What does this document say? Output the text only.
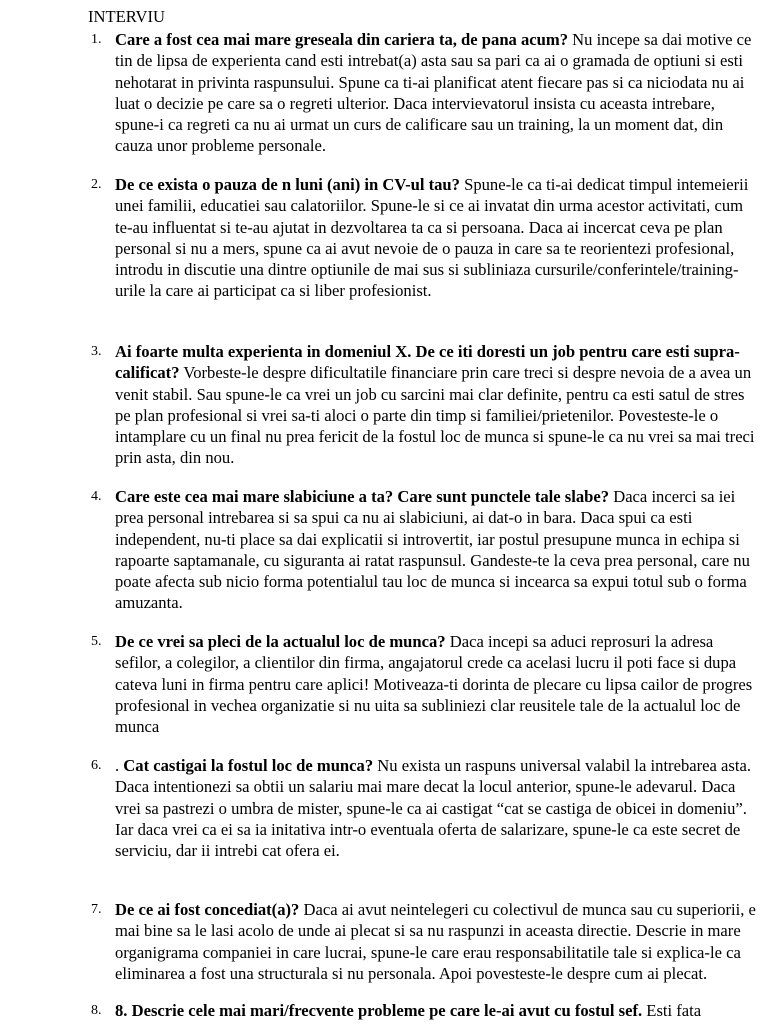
INTERVIU
1. Care a fost cea mai mare greseala din cariera ta, de pana acum? Nu incepe sa dai motive ce tin de lipsa de experienta cand esti intrebat(a) asta sau sa pari ca ai o gramada de optiuni si esti nehotarat in privinta raspunsului. Spune ca ti-ai planificat atent fiecare pas si ca niciodata nu ai luat o decizie pe care sa o regreti ulterior. Daca intervievatorul insista cu aceasta intrebare, spune-i ca regreti ca nu ai urmat un curs de calificare sau un training, la un moment dat, din cauza unor probleme personale.
2. De ce exista o pauza de n luni (ani) in CV-ul tau? Spune-le ca ti-ai dedicat timpul intemeierii unei familii, educatiei sau calatoriilor. Spune-le si ce ai invatat din urma acestor activitati, cum te-au influentat si te-au ajutat in dezvoltarea ta ca si persoana. Daca ai incercat ceva pe plan personal si nu a mers, spune ca ai avut nevoie de o pauza in care sa te reorientezi profesional, introdu in discutie una dintre optiunile de mai sus si subliniaza cursurile/conferintele/training-urile la care ai participat ca si liber profesionist.
3. Ai foarte multa experienta in domeniul X. De ce iti doresti un job pentru care esti supra-calificat? Vorbeste-le despre dificultatile financiare prin care treci si despre nevoia de a avea un venit stabil. Sau spune-le ca vrei un job cu sarcini mai clar definite, pentru ca esti satul de stres pe plan profesional si vrei sa-ti aloci o parte din timp si familiei/prietenilor. Povesteste-le o intamplare cu un final nu prea fericit de la fostul loc de munca si spune-le ca nu vrei sa mai treci prin asta, din nou.
4. Care este cea mai mare slabiciune a ta? Care sunt punctele tale slabe? Daca incerci sa iei prea personal intrebarea si sa spui ca nu ai slabiciuni, ai dat-o in bara. Daca spui ca esti independent, nu-ti place sa dai explicatii si introvertit, iar postul presupune munca in echipa si rapoarte saptamanale, cu siguranta ai ratat raspunsul. Gandeste-te la ceva prea personal, care nu poate afecta sub nicio forma potentialul tau loc de munca si incearca sa expui totul sub o forma amuzanta.
5. De ce vrei sa pleci de la actualul loc de munca? Daca incepi sa aduci reprosuri la adresa sefilor, a colegilor, a clientilor din firma, angajatorul crede ca acelasi lucru il poti face si dupa cateva luni in firma pentru care aplici! Motiveaza-ti dorinta de plecare cu lipsa cailor de progres profesional in vechea organizatie si nu uita sa subliniezi clar reusitele tale de la actualul loc de munca
6. . Cat castigai la fostul loc de munca? Nu exista un raspuns universal valabil la intrebarea asta. Daca intentionezi sa obtii un salariu mai mare decat la locul anterior, spune-le adevarul. Daca vrei sa pastrezi o umbra de mister, spune-le ca ai castigat “cat se castiga de obicei in domeniu”. Iar daca vrei ca ei sa ia initativa intr-o eventuala oferta de salarizare, spune-le ca este secret de serviciu, dar ii intrebi cat ofera ei.
7. De ce ai fost concediat(a)? Daca ai avut neintelegeri cu colectivul de munca sau cu superiorii, e mai bine sa le lasi acolo de unde ai plecat si sa nu raspunzi in aceasta directie. Descrie in mare organigrama companiei in care lucrai, spune-le care erau responsabilitatile tale si explica-le ca eliminarea a fost una structurala si nu personala. Apoi povesteste-le despre cum ai plecat.
8. 8. Descrie cele mai mari/frecvente probleme pe care le-ai avut cu fostul sef. Esti fata
